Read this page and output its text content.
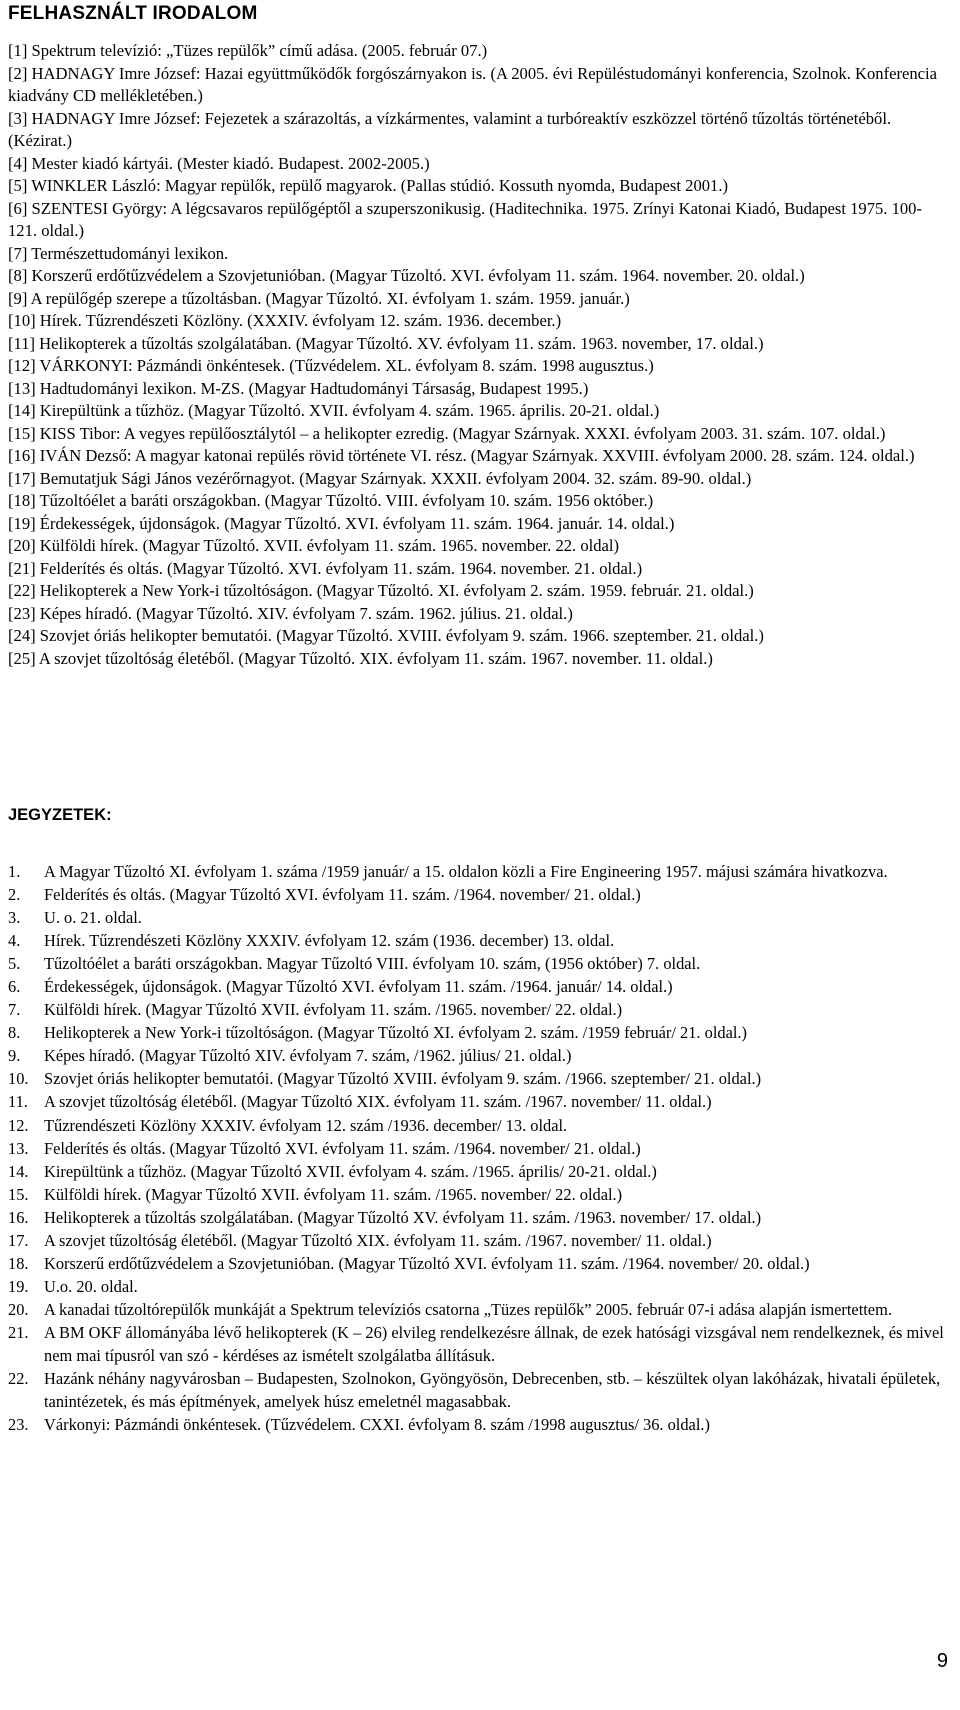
FELHASZNÁLT IRODALOM

[1] Spektrum televízió: „Tüzes repülők” című adása. (2005. február 07.)

[2] HADNAGY Imre József: Hazai együttműködők forgószárnyakon is. (A 2005. évi Repüléstudományi konferencia, Szolnok. Konferencia kiadvány CD mellékletében.)

[3] HADNAGY Imre József: Fejezetek a szárazoltás, a vízkármentes, valamint a turbóreaktív eszközzel történő tűzoltás történetéből. (Kézirat.)

[4] Mester kiadó kártyái. (Mester kiadó. Budapest. 2002-2005.)

[5] WINKLER László: Magyar repülők, repülő magyarok. (Pallas stúdió. Kossuth nyomda, Budapest 2001.)

[6] SZENTESI György: A légcsavaros repülőgéptől a szuperszonikusig. (Haditechnika. 1975. Zrínyi Katonai Kiadó, Budapest 1975. 100-121. oldal.)

[7] Természettudományi lexikon.

[8] Korszerű erdőtűzvédelem a Szovjetunióban. (Magyar Tűzoltó. XVI. évfolyam 11. szám. 1964. november. 20. oldal.)

[9] A repülőgép szerepe a tűzoltásban. (Magyar Tűzoltó. XI. évfolyam 1. szám. 1959. január.)

[10] Hírek. Tűzrendészeti Közlöny. (XXXIV. évfolyam 12. szám. 1936. december.)

[11] Helikopterek a tűzoltás szolgálatában. (Magyar Tűzoltó. XV. évfolyam 11. szám. 1963. november, 17. oldal.)

[12] VÁRKONYI: Pázmándi önkéntesek. (Tűzvédelem. XL. évfolyam 8. szám. 1998 augusztus.)

[13] Hadtudományi lexikon. M-ZS. (Magyar Hadtudományi Társaság, Budapest 1995.)

[14] Kirepültünk a tűzhöz. (Magyar Tűzoltó. XVII. évfolyam 4. szám. 1965. április. 20-21. oldal.)

[15] KISS Tibor: A vegyes repülőosztálytól – a helikopter ezredig. (Magyar Szárnyak. XXXI. évfolyam 2003. 31. szám. 107. oldal.)

[16] IVÁN Dezső: A magyar katonai repülés rövid története VI. rész. (Magyar Szárnyak. XXVIII. évfolyam 2000. 28. szám. 124. oldal.)

[17] Bemutatjuk Sági János vezérőrnagyot. (Magyar Szárnyak. XXXII. évfolyam 2004. 32. szám. 89-90. oldal.)

[18] Tűzoltóélet a baráti országokban. (Magyar Tűzoltó. VIII. évfolyam 10. szám. 1956 október.)

[19] Érdekességek, újdonságok. (Magyar Tűzoltó. XVI. évfolyam 11. szám. 1964. január. 14. oldal.)

[20] Külföldi hírek. (Magyar Tűzoltó. XVII. évfolyam 11. szám. 1965. november. 22. oldal)

[21] Felderítés és oltás. (Magyar Tűzoltó. XVI. évfolyam 11. szám. 1964. november. 21. oldal.)

[22] Helikopterek a New York-i tűzoltóságon. (Magyar Tűzoltó. XI. évfolyam 2. szám. 1959. február. 21. oldal.)

[23] Képes híradó. (Magyar Tűzoltó. XIV. évfolyam 7. szám. 1962. július. 21. oldal.)

[24] Szovjet óriás helikopter bemutatói. (Magyar Tűzoltó. XVIII. évfolyam 9. szám. 1966. szeptember. 21. oldal.)

[25] A szovjet tűzoltóság életéből. (Magyar Tűzoltó. XIX. évfolyam 11. szám. 1967. november. 11. oldal.)

JEGYZETEK:
1.	A Magyar Tűzoltó XI. évfolyam 1. száma /1959 január/ a 15. oldalon közli a Fire Engineering 1957. májusi számára hivatkozva.
2.	Felderítés és oltás. (Magyar Tűzoltó XVI. évfolyam 11. szám. /1964. november/ 21. oldal.)
3.	U. o. 21. oldal.
4.	Hírek. Tűzrendészeti Közlöny XXXIV. évfolyam 12. szám (1936. december) 13. oldal.
5.	Tűzoltóélet a baráti országokban. Magyar Tűzoltó VIII. évfolyam 10. szám, (1956 október) 7. oldal.
6.	Érdekességek, újdonságok. (Magyar Tűzoltó XVI. évfolyam 11. szám. /1964. január/ 14. oldal.)
7.	Külföldi hírek. (Magyar Tűzoltó XVII. évfolyam 11. szám. /1965. november/ 22. oldal.)
8.	Helikopterek a New York-i tűzoltóságon. (Magyar Tűzoltó XI. évfolyam 2. szám. /1959 február/ 21. oldal.)
9.	Képes híradó. (Magyar Tűzoltó XIV. évfolyam 7. szám, /1962. július/ 21. oldal.)
10. Szovjet óriás helikopter bemutatói. (Magyar Tűzoltó XVIII. évfolyam 9. szám. /1966. szeptember/ 21. oldal.)
11. A szovjet tűzoltóság életéből. (Magyar Tűzoltó XIX. évfolyam 11. szám. /1967. november/ 11. oldal.)
12. Tűzrendészeti Közlöny XXXIV. évfolyam 12. szám /1936. december/ 13. oldal.
13. Felderítés és oltás. (Magyar Tűzoltó XVI. évfolyam 11. szám. /1964. november/ 21. oldal.)
14. Kirepültünk a tűzhöz. (Magyar Tűzoltó XVII. évfolyam 4. szám. /1965. április/ 20-21. oldal.)
15. Külföldi hírek. (Magyar Tűzoltó XVII. évfolyam 11. szám. /1965. november/ 22. oldal.)
16. Helikopterek a tűzoltás szolgálatában. (Magyar Tűzoltó XV. évfolyam 11. szám. /1963. november/ 17. oldal.)
17. A szovjet tűzoltóság életéből. (Magyar Tűzoltó XIX. évfolyam 11. szám. /1967. november/ 11. oldal.)
18. Korszerű erdőtűzvédelem a Szovjetunióban. (Magyar Tűzoltó XVI. évfolyam 11. szám. /1964. november/ 20. oldal.)
19. U.o. 20. oldal.
20. A kanadai tűzoltórepülők munkáját a Spektrum televíziós csatorna „Tüzes repülők” 2005. február 07-i adása alapján ismertettem.
21. A BM OKF állományába lévő helikopterek (K – 26) elvileg rendelkezésre állnak, de ezek hatósági vizsgával nem rendelkeznek, és mivel nem mai típusról van szó - kérdéses az ismételt szolgálatba állításuk.
22. Hazánk néhány nagyvárosban – Budapesten, Szolnokon, Gyöngyösön, Debrecenben, stb. – készültek olyan lakóházak, hivatali épületek, tanintézetek, és más építmények, amelyek húsz emeletnél magasabbak.
23. Várkonyi: Pázmándi önkéntesek. (Tűzvédelem. CXXI. évfolyam 8. szám /1998 augusztus/ 36. oldal.)
9
